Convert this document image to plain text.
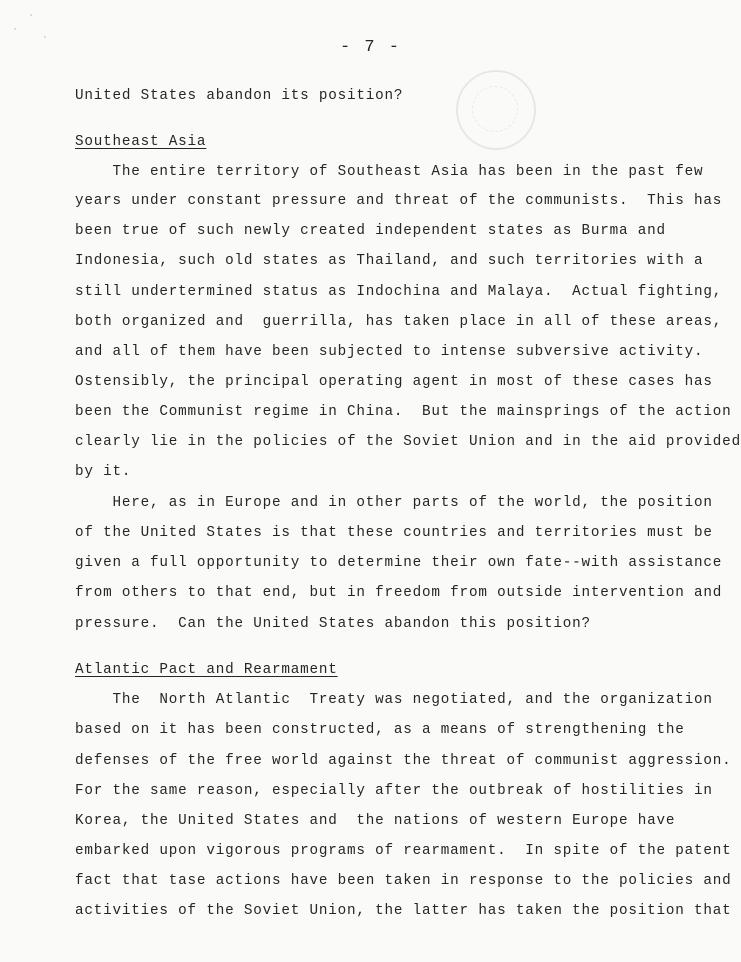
- 7 -
United States abandon its position?
Southeast Asia
The entire territory of Southeast Asia has been in the past few
years under constant pressure and threat of the communists.  This has
been true of such newly created independent states as Burma and
Indonesia, such old states as Thailand, and such territories with a
still undertermined status as Indochina and Malaya.  Actual fighting,
both organized and  guerrilla, has taken place in all of these areas,
and all of them have been subjected to intense subversive activity.
Ostensibly, the principal operating agent in most of these cases has
been the Communist regime in China.  But the mainsprings of the action
clearly lie in the policies of the Soviet Union and in the aid provided
by it.
Here, as in Europe and in other parts of the world, the position
of the United States is that these countries and territories must be
given a full opportunity to determine their own fate--with assistance
from others to that end, but in freedom from outside intervention and
pressure.  Can the United States abandon this position?
Atlantic Pact and Rearmament
The  North Atlantic  Treaty was negotiated, and the organization
based on it has been constructed, as a means of strengthening the
defenses of the free world against the threat of communist aggression.
For the same reason, especially after the outbreak of hostilities in
Korea, the United States and  the nations of western Europe have
embarked upon vigorous programs of rearmament.  In spite of the patent
fact that tase actions have been taken in response to the policies and
activities of the Soviet Union, the latter has taken the position that
